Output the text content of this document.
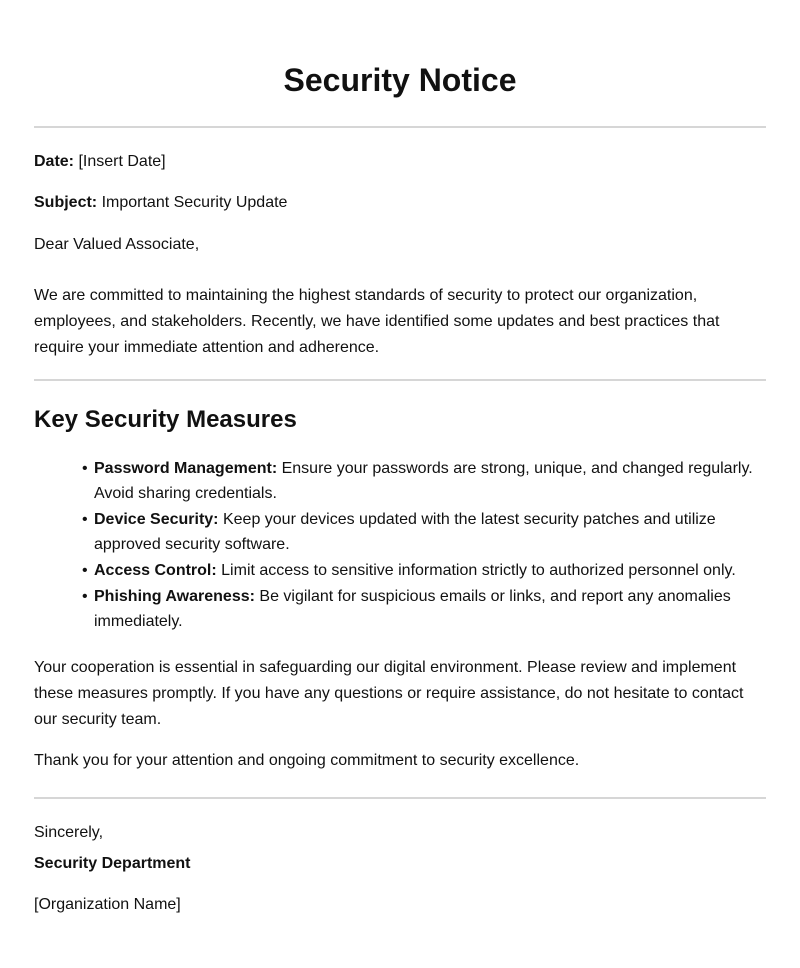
Security Notice

Date: [Insert Date]

Subject: Important Security Update

Dear Valued Associate,

We are committed to maintaining the highest standards of security to protect our organization, employees, and stakeholders. Recently, we have identified some updates and best practices that require your immediate attention and adherence.

Key Security Measures
• Password Management: Ensure your passwords are strong, unique, and changed regularly. Avoid sharing credentials.
• Device Security: Keep your devices updated with the latest security patches and utilize approved security software.
• Access Control: Limit access to sensitive information strictly to authorized personnel only.
• Phishing Awareness: Be vigilant for suspicious emails or links, and report any anomalies immediately.

Your cooperation is essential in safeguarding our digital environment. Please review and implement these measures promptly. If you have any questions or require assistance, do not hesitate to contact our security team.

Thank you for your attention and ongoing commitment to security excellence.

Sincerely,

Security Department

[Organization Name]
